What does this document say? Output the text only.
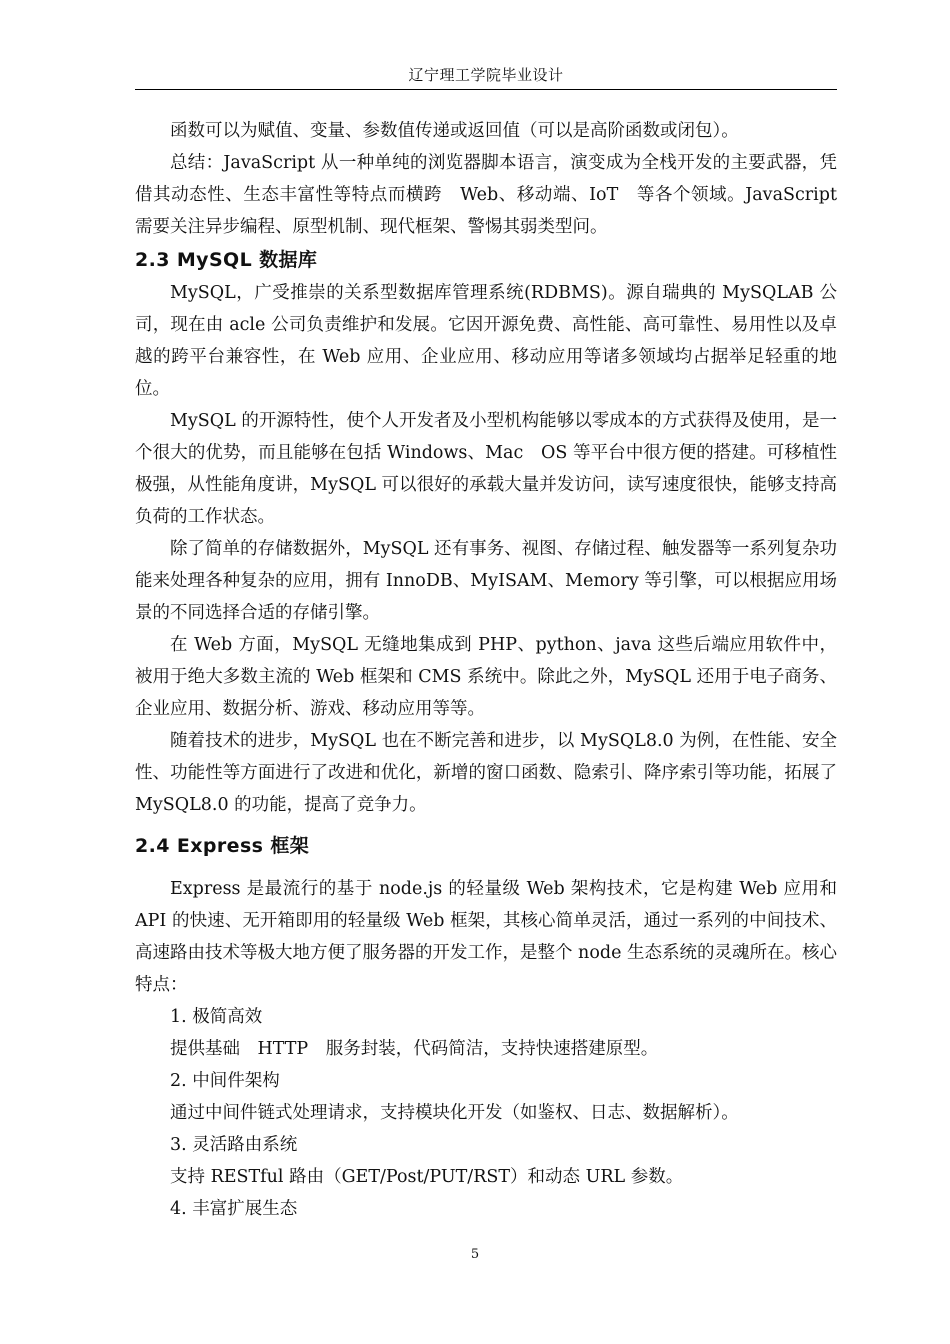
辽宁理工学院毕业设计

函数可以为赋值、变量、参数值传递或返回值（可以是高阶函数或闭包）。

总结：JavaScript 从一种单纯的浏览器脚本语言，演变成为全栈开发的主要武器，凭借其动态性、生态丰富性等特点而横跨　Web、移动端、IoT　等各个领域。JavaScript　需要关注异步编程、原型机制、现代框架、警惕其弱类型问。

2.3 MySQL 数据库

MySQL，广受推崇的关系型数据库管理系统(RDBMS)。源自瑞典的 MySQLAB 公司，现在由 acle 公司负责维护和发展。它因开源免费、高性能、高可靠性、易用性以及卓越的跨平台兼容性，在 Web 应用、企业应用、移动应用等诸多领域均占据举足轻重的地位。

MySQL 的开源特性，使个人开发者及小型机构能够以零成本的方式获得及使用，是一个很大的优势，而且能够在包括 Windows、Mac　OS 等平台中很方便的搭建。可移植性极强，从性能角度讲，MySQL 可以很好的承载大量并发访问，读写速度很快，能够支持高负荷的工作状态。

除了简单的存储数据外，MySQL 还有事务、视图、存储过程、触发器等一系列复杂功能来处理各种复杂的应用，拥有 InnoDB、MyISAM、Memory 等引擎，可以根据应用场景的不同选择合适的存储引擎。

在 Web 方面，MySQL 无缝地集成到 PHP、python、java 这些后端应用软件中，被用于绝大多数主流的 Web 框架和 CMS 系统中。除此之外，MySQL 还用于电子商务、企业应用、数据分析、游戏、移动应用等等。

随着技术的进步，MySQL 也在不断完善和进步，以 MySQL8.0 为例，在性能、安全性、功能性等方面进行了改进和优化，新增的窗口函数、隐索引、降序索引等功能，拓展了 MySQL8.0 的功能，提高了竞争力。

2.4 Express 框架

Express 是最流行的基于 node.js 的轻量级 Web 架构技术，它是构建 Web 应用和 API 的快速、无开箱即用的轻量级 Web 框架，其核心简单灵活，通过一系列的中间技术、高速路由技术等极大地方便了服务器的开发工作，是整个 node 生态系统的灵魂所在。核心特点：

1. 极简高效

提供基础　HTTP　服务封装，代码简洁，支持快速搭建原型。

2. 中间件架构

通过中间件链式处理请求，支持模块化开发（如鉴权、日志、数据解析）。

3. 灵活路由系统

支持 RESTful 路由（GET/Post/PUT/RST）和动态 URL 参数。

4. 丰富扩展生态

5
